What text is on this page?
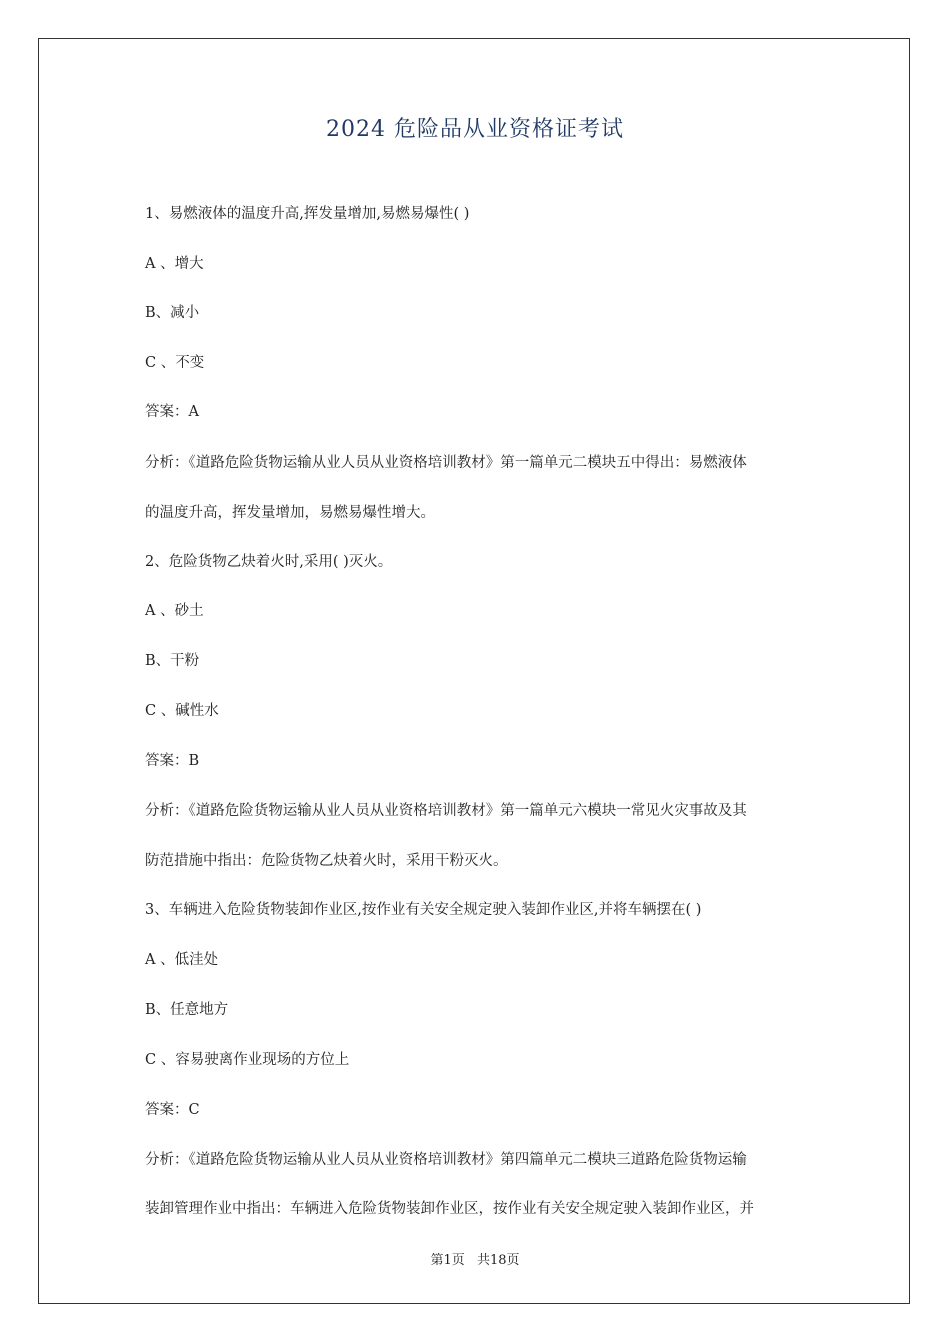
2024 危险品从业资格证考试

1、易燃液体的温度升高,挥发量增加,易燃易爆性( )

A 、增大

B、减小

C 、不变

答案：A

分析：《道路危险货物运输从业人员从业资格培训教材》第一篇单元二模块五中得出：易燃液体

的温度升高，挥发量增加，易燃易爆性增大。

2、危险货物乙炔着火时,采用( )灭火。

A 、砂土

B、干粉

C 、碱性水

答案：B

分析：《道路危险货物运输从业人员从业资格培训教材》第一篇单元六模块一常见火灾事故及其

防范措施中指出：危险货物乙炔着火时，采用干粉灭火。

3、车辆进入危险货物装卸作业区,按作业有关安全规定驶入装卸作业区,并将车辆摆在( )

A 、低洼处

B、任意地方

C 、容易驶离作业现场的方位上

答案：C

分析：《道路危险货物运输从业人员从业资格培训教材》第四篇单元二模块三道路危险货物运输

装卸管理作业中指出：车辆进入危险货物装卸作业区，按作业有关安全规定驶入装卸作业区，并

第1页 共18页
